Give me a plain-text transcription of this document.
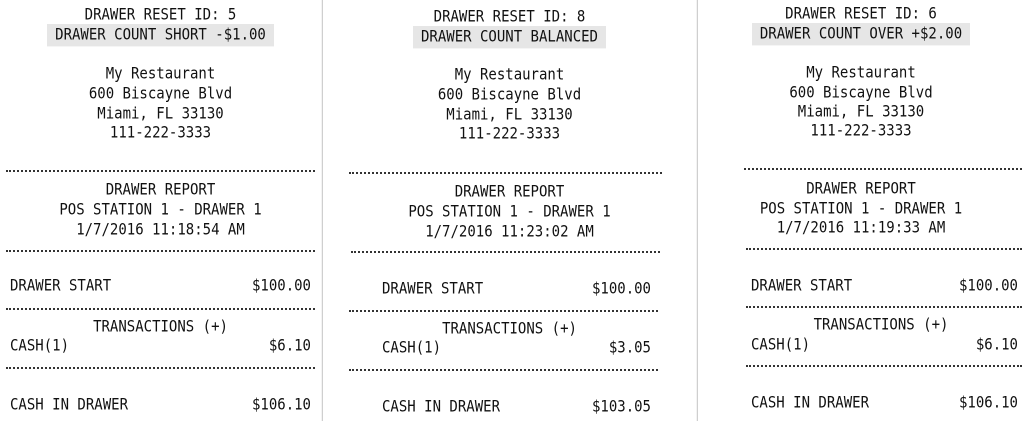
DRAWER RESET ID: 5
DRAWER COUNT SHORT -$1.00
My Restaurant
600 Biscayne Blvd
Miami, FL 33130
111-222-3333
DRAWER REPORT
POS STATION 1 - DRAWER 1
1/7/2016 11:18:54 AM
DRAWER START	$100.00
TRANSACTIONS (+)
CASH(1)	$6.10
CASH IN DRAWER	$106.10
DRAWER RESET ID: 8
DRAWER COUNT BALANCED
My Restaurant
600 Biscayne Blvd
Miami, FL 33130
111-222-3333
DRAWER REPORT
POS STATION 1 - DRAWER 1
1/7/2016 11:23:02 AM
DRAWER START	$100.00
TRANSACTIONS (+)
CASH(1)	$3.05
CASH IN DRAWER	$103.05
DRAWER RESET ID: 6
DRAWER COUNT OVER +$2.00
My Restaurant
600 Biscayne Blvd
Miami, FL 33130
111-222-3333
DRAWER REPORT
POS STATION 1 - DRAWER 1
1/7/2016 11:19:33 AM
DRAWER START	$100.00
TRANSACTIONS (+)
CASH(1)	$6.10
CASH IN DRAWER	$106.10
